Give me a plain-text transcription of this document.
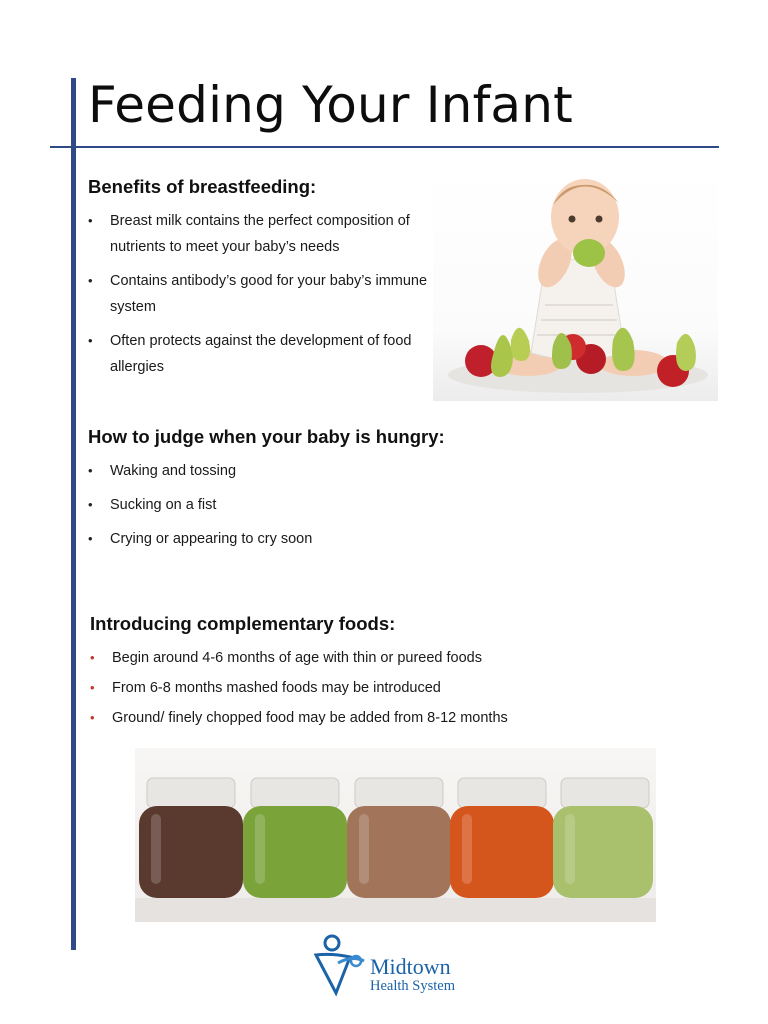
Feeding Your Infant
Benefits of breastfeeding:
• Breast milk contains the perfect composition of nutrients to meet your baby’s needs
• Contains antibody’s good for your baby’s immune system
• Often protects against the development of food allergies
How to judge when your baby is hungry:
• Waking and tossing
• Sucking on a fist
• Crying or appearing to cry soon
Introducing complementary foods:
• Begin around 4-6 months of age with thin or pureed foods
• From 6-8 months mashed foods may be introduced
• Ground/ finely chopped food may be added from 8-12 months

Midtown

Health System
